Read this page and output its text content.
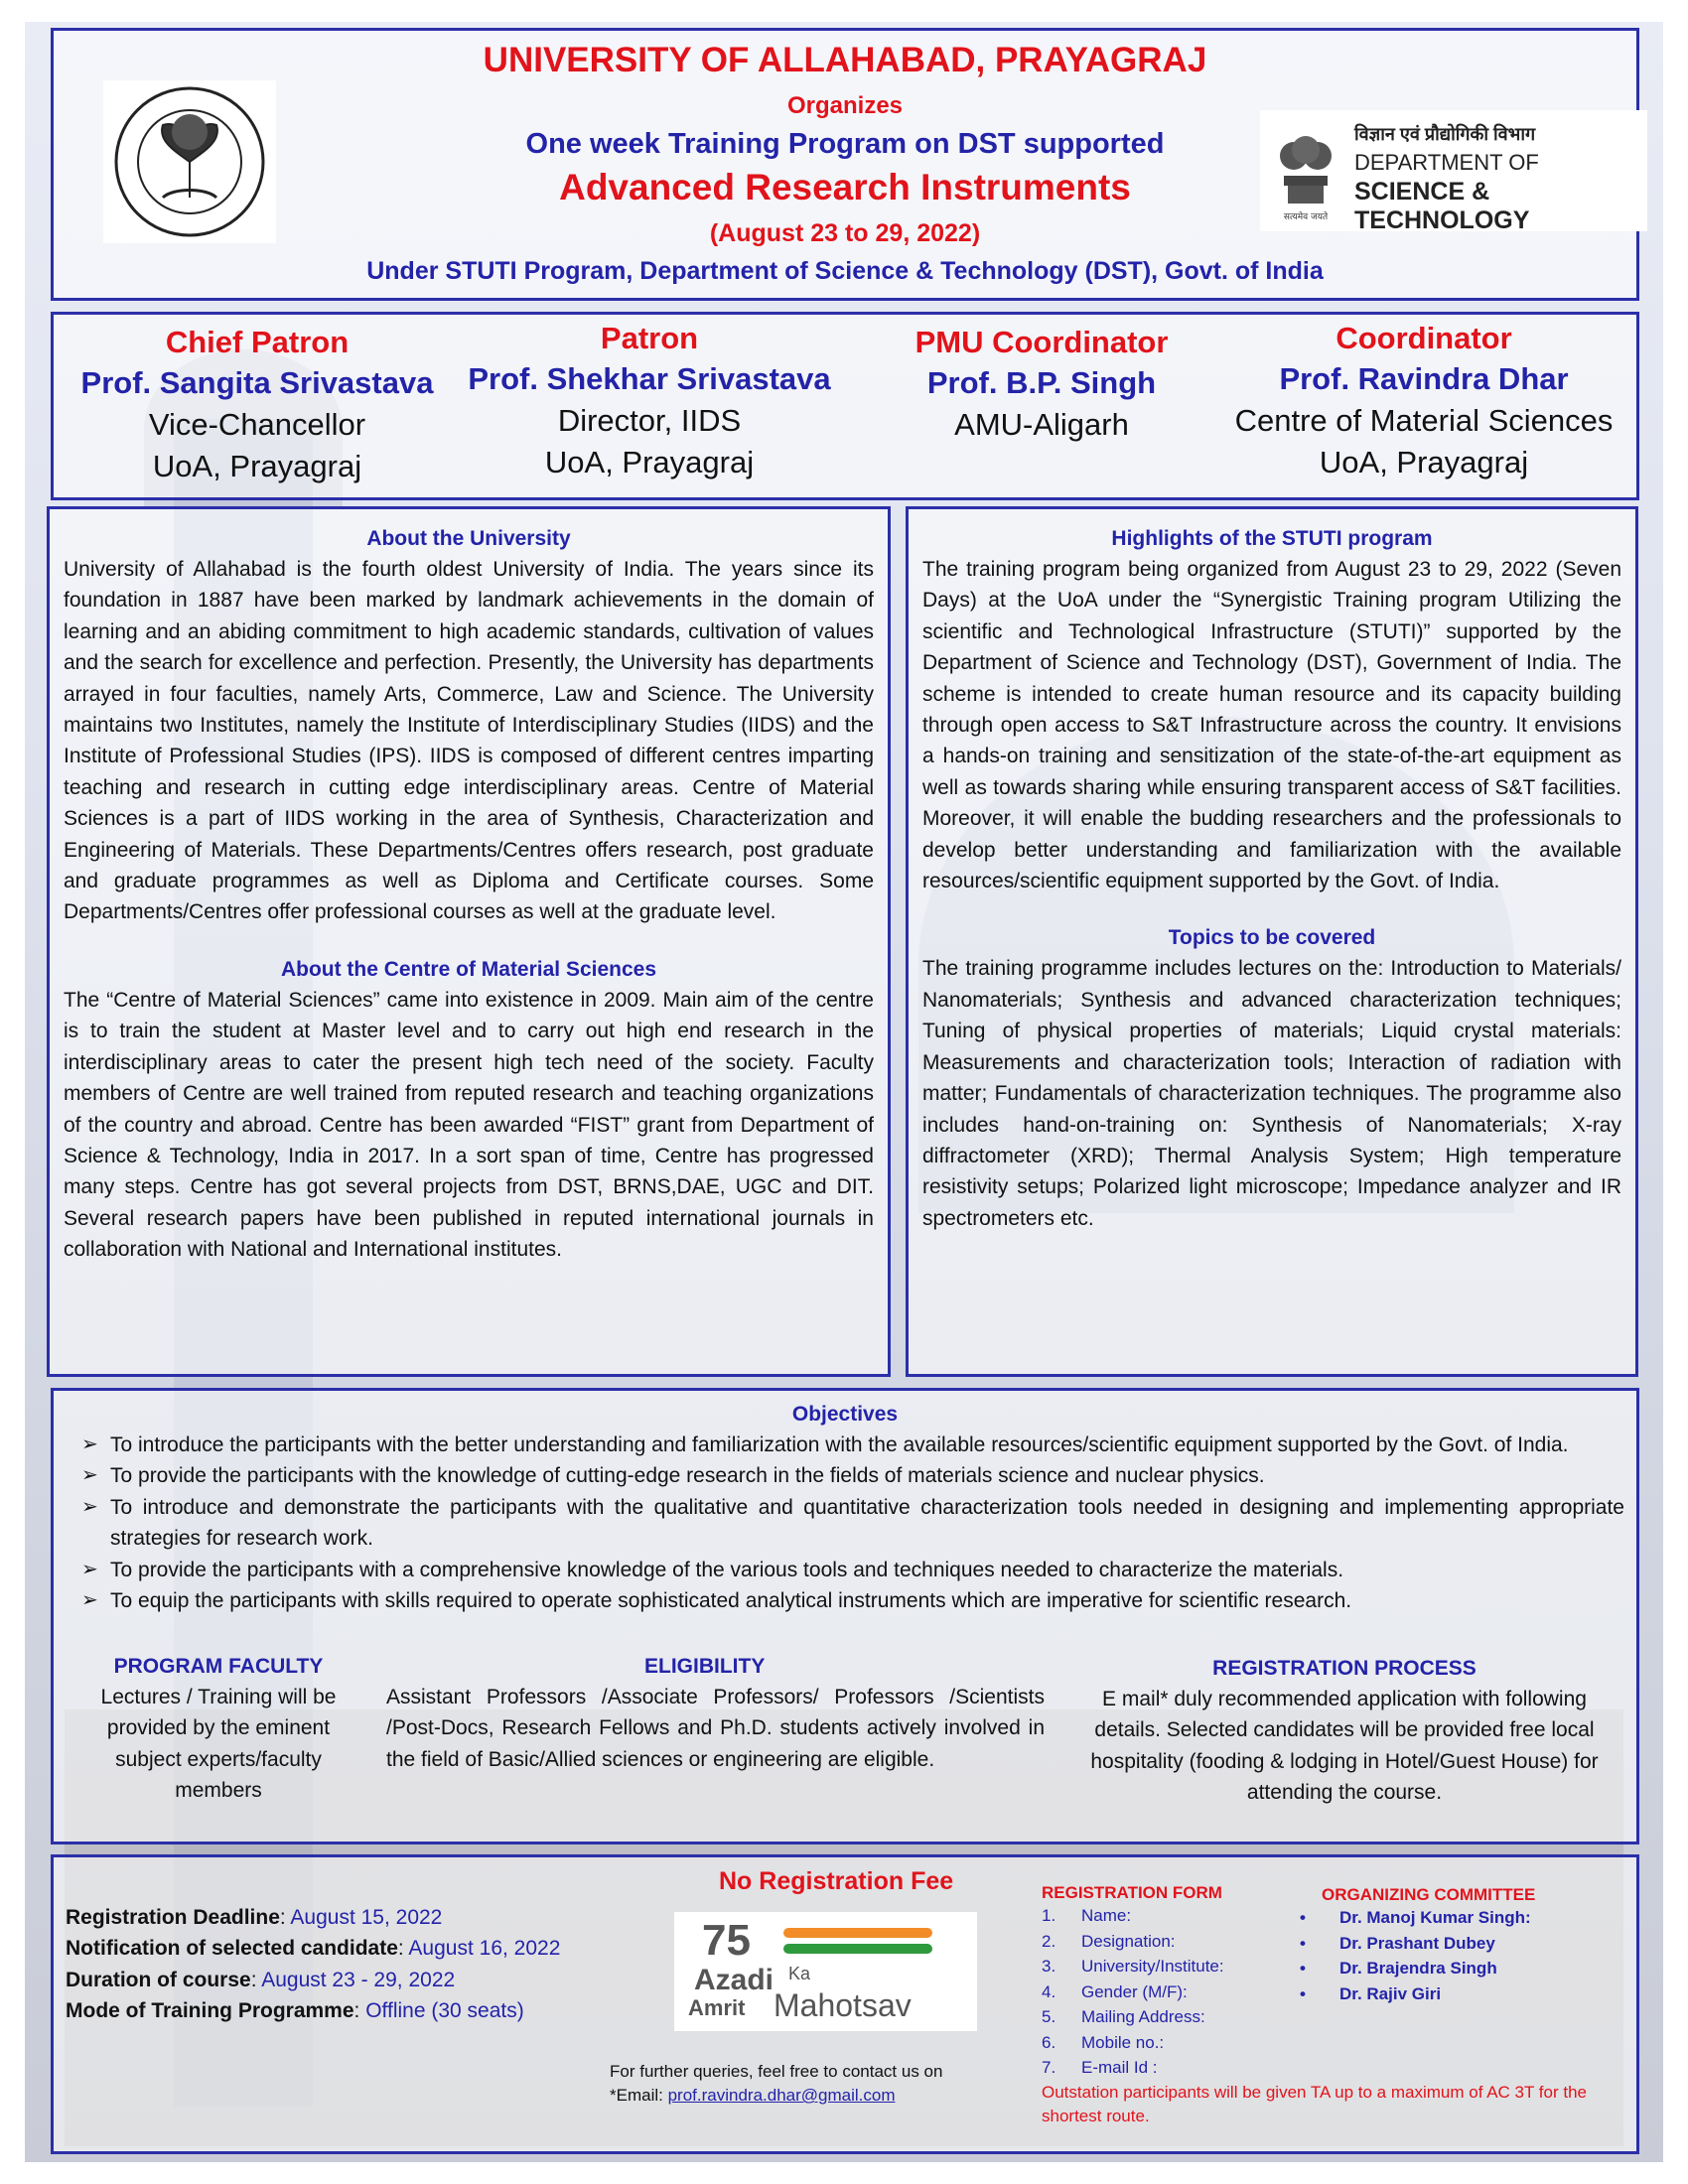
UNIVERSITY OF ALLAHABAD, PRAYAGRAJ
Organizes
One week Training Program on DST supported
Advanced Research Instruments
(August 23 to 29, 2022)
Under STUTI Program, Department of Science & Technology (DST), Govt. of India
सत्यमेव जयते
विज्ञान एवं प्रौद्योगिकी विभाग
DEPARTMENT OF
SCIENCE & TECHNOLOGY
Chief Patron
Prof. Sangita Srivastava
Vice-Chancellor
UoA, Prayagraj
Patron
Prof. Shekhar Srivastava
Director, IIDS
UoA, Prayagraj
PMU Coordinator
Prof. B.P. Singh
AMU-Aligarh
Coordinator
Prof. Ravindra Dhar
Centre of Material Sciences
UoA, Prayagraj
About the University

University of Allahabad is the fourth oldest University of India. The years since its foundation in 1887 have been marked by landmark achievements in the domain of learning and an abiding commitment to high academic standards, cultivation of values and the search for excellence and perfection. Presently, the University has departments arrayed in four faculties, namely Arts, Commerce, Law and Science. The University maintains two Institutes, namely the Institute of Interdisciplinary Studies (IIDS) and the Institute of Professional Studies (IPS). IIDS is composed of different centres imparting teaching and research in cutting edge interdisciplinary areas. Centre of Material Sciences is a part of IIDS working in the area of Synthesis, Characterization and Engineering of Materials. These Departments/Centres offers research, post graduate and graduate programmes as well as Diploma and Certificate courses. Some Departments/Centres offer professional courses as well at the graduate level.

About the Centre of Material Sciences

The “Centre of Material Sciences” came into existence in 2009. Main aim of the centre is to train the student at Master level and to carry out high end research in the interdisciplinary areas to cater the present high tech need of the society. Faculty members of Centre are well trained from reputed research and teaching organizations of the country and abroad. Centre has been awarded “FIST” grant from Department of Science & Technology, India in 2017. In a sort span of time, Centre has progressed many steps. Centre has got several projects from DST, BRNS,DAE, UGC and DIT. Several research papers have been published in reputed international journals in collaboration with National and International institutes.

Highlights of the STUTI program

The training program being organized from August 23 to 29, 2022 (Seven Days) at the UoA under the “Synergistic Training program Utilizing the scientific and Technological Infrastructure (STUTI)” supported by the Department of Science and Technology (DST), Government of India. The scheme is intended to create human resource and its capacity building through open access to S&T Infrastructure across the country. It envisions a hands-on training and sensitization of the state-of-the-art equipment as well as towards sharing while ensuring transparent access of S&T facilities. Moreover, it will enable the budding researchers and the professionals to develop better understanding and familiarization with the available resources/scientific equipment supported by the Govt. of India.

Topics to be covered

The training programme includes lectures on the: Introduction to Materials/ Nanomaterials; Synthesis and advanced characterization techniques; Tuning of physical properties of materials; Liquid crystal materials: Measurements and characterization tools; Interaction of radiation with matter; Fundamentals of characterization techniques. The programme also includes hand-on-training on: Synthesis of Nanomaterials; X-ray diffractometer (XRD); Thermal Analysis System; High temperature resistivity setups; Polarized light microscope; Impedance analyzer and IR spectrometers etc.

Objectives
➢ To introduce the participants with the better understanding and familiarization with the available resources/scientific equipment supported by the Govt. of India.
➢ To provide the participants with the knowledge of cutting-edge research in the fields of materials science and nuclear physics.
➢ To introduce and demonstrate the participants with the qualitative and quantitative characterization tools needed in designing and implementing appropriate strategies for research work.
➢ To provide the participants with a comprehensive knowledge of the various tools and techniques needed to characterize the materials.
➢ To equip the participants with skills required to operate sophisticated analytical instruments which are imperative for scientific research.
PROGRAM FACULTY
Lectures / Training will be provided by the eminent subject experts/faculty members
ELIGIBILITY
Assistant Professors /Associate Professors/ Professors /Scientists /Post-Docs, Research Fellows and Ph.D. students actively involved in the field of Basic/Allied sciences or engineering are eligible.
REGISTRATION PROCESS
E mail* duly recommended application with following details. Selected candidates will be provided free local hospitality (fooding & lodging in Hotel/Guest House) for attending the course.
No Registration Fee
Registration Deadline: August 15, 2022
Notification of selected candidate: August 16, 2022
Duration of course: August 23 - 29, 2022
Mode of Training Programme: Offline (30 seats)
75
Azadi Ka
Amrit Mahotsav
For further queries, feel free to contact us on
*Email: prof.ravindra.dhar@gmail.com
REGISTRATION FORM
1. Name:
2. Designation:
3. University/Institute:
4. Gender (M/F):
5. Mailing Address:
6. Mobile no.:
7. E-mail Id :
Outstation participants will be given TA up to a maximum of AC 3T for the shortest route.
ORGANIZING COMMITTEE
• Dr. Manoj Kumar Singh:
• Dr. Prashant Dubey
• Dr. Brajendra Singh
• Dr. Rajiv Giri
